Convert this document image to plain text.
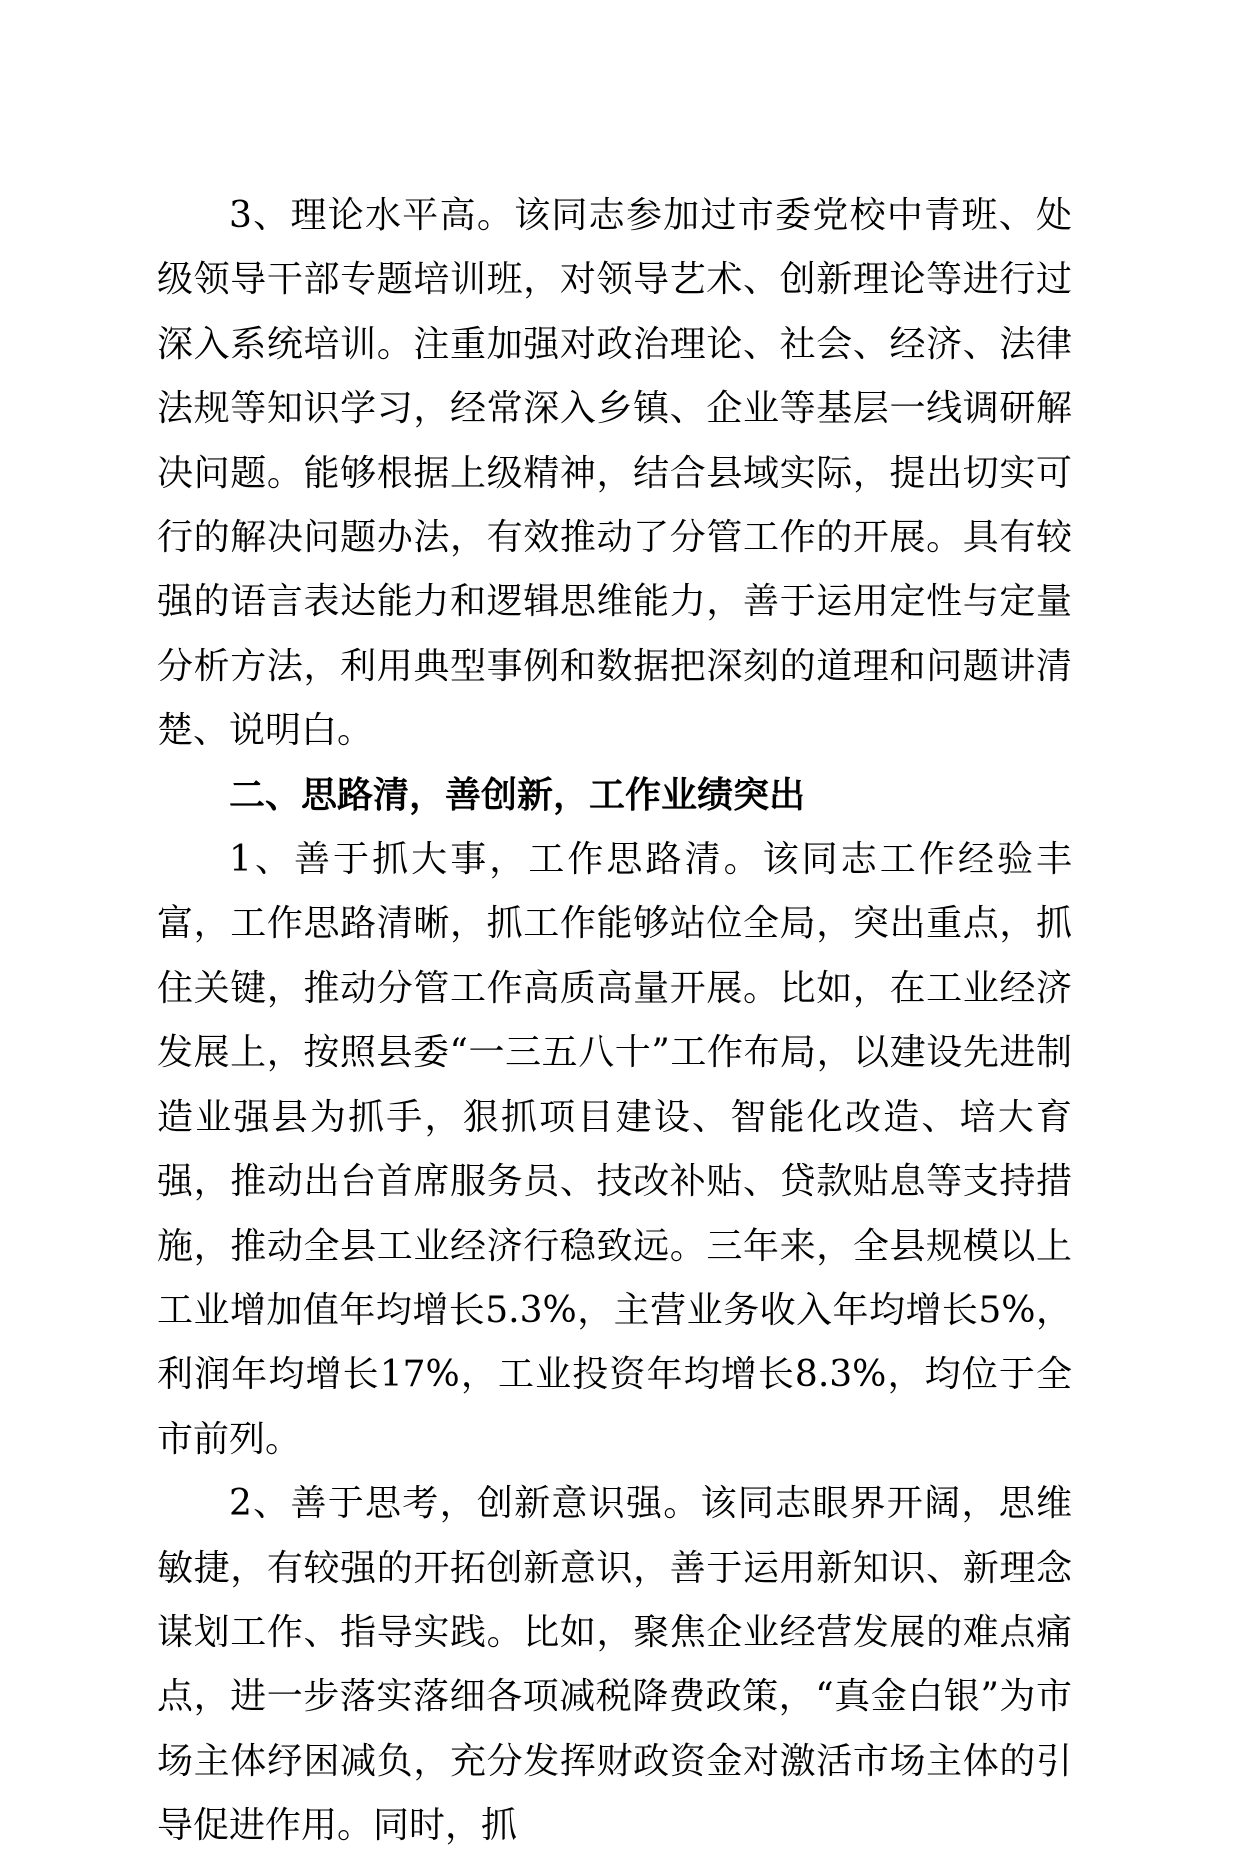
3、理论水平高。该同志参加过市委党校中青班、处级领导干部专题培训班，对领导艺术、创新理论等进行过深入系统培训。注重加强对政治理论、社会、经济、法律法规等知识学习，经常深入乡镇、企业等基层一线调研解决问题。能够根据上级精神，结合县域实际，提出切实可行的解决问题办法，有效推动了分管工作的开展。具有较强的语言表达能力和逻辑思维能力，善于运用定性与定量分析方法，利用典型事例和数据把深刻的道理和问题讲清楚、说明白。

二、思路清，善创新，工作业绩突出

1、善于抓大事，工作思路清。该同志工作经验丰富，工作思路清晰，抓工作能够站位全局，突出重点，抓住关键，推动分管工作高质高量开展。比如，在工业经济发展上，按照县委“一三五八十”工作布局，以建设先进制造业强县为抓手，狠抓项目建设、智能化改造、培大育强，推动出台首席服务员、技改补贴、贷款贴息等支持措施，推动全县工业经济行稳致远。三年来，全县规模以上工业增加值年均增长5.3%，主营业务收入年均增长5%，利润年均增长17%，工业投资年均增长8.3%，均位于全市前列。

2、善于思考，创新意识强。该同志眼界开阔，思维敏捷，有较强的开拓创新意识，善于运用新知识、新理念谋划工作、指导实践。比如，聚焦企业经营发展的难点痛点，进一步落实落细各项减税降费政策，“真金白银”为市场主体纾困减负，充分发挥财政资金对激活市场主体的引导促进作用。同时，抓
